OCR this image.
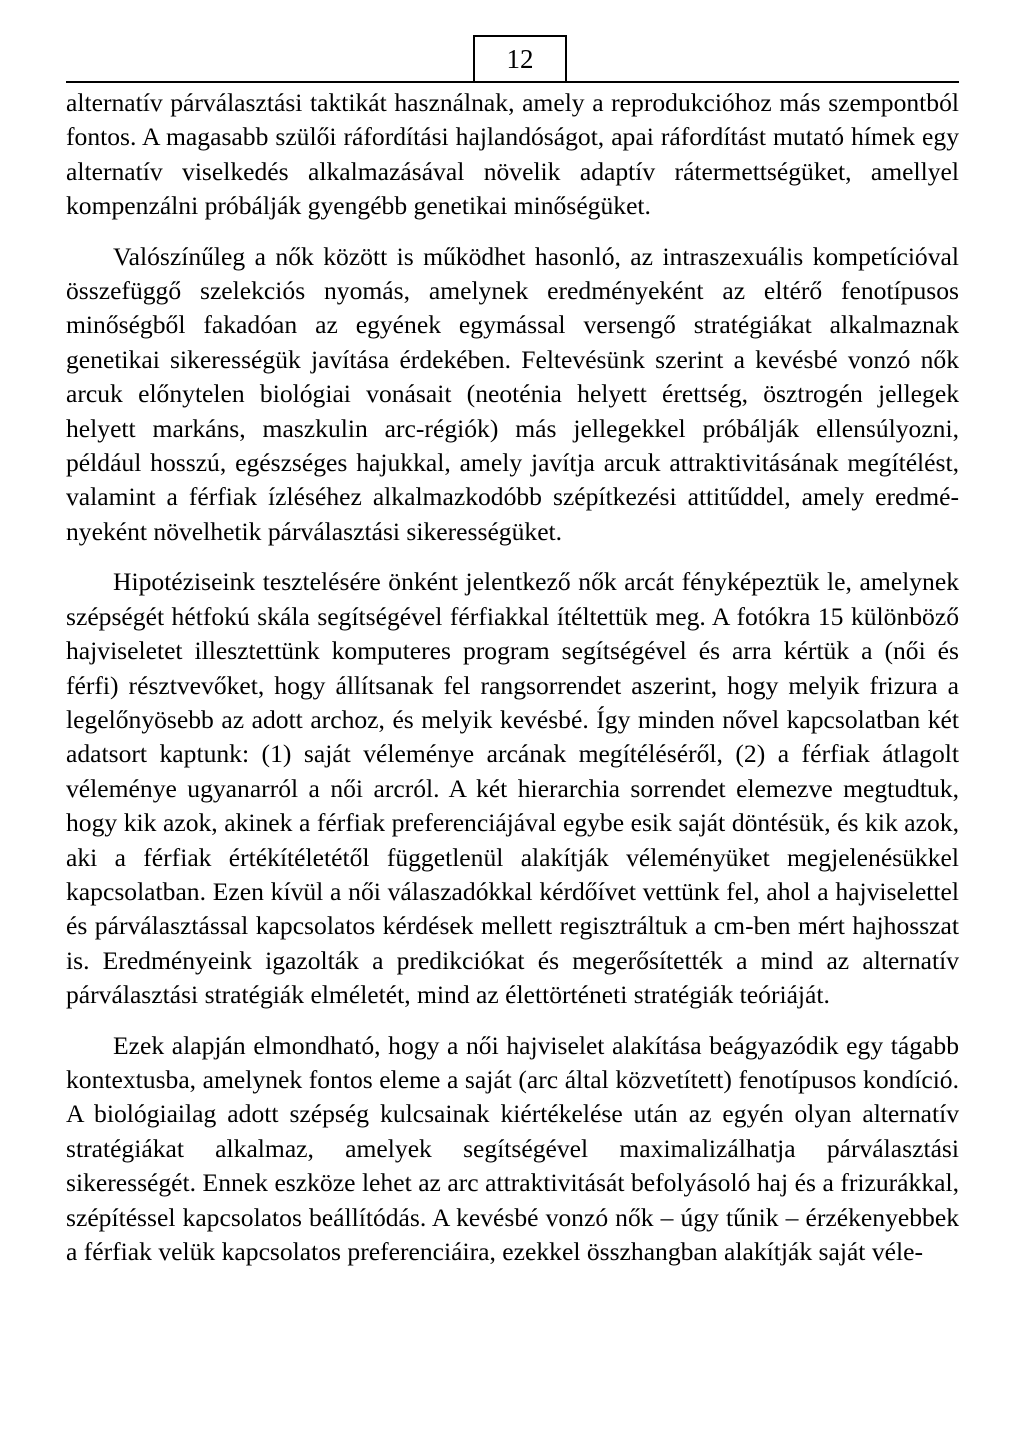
12

alternatív párválasztási taktikát használnak, amely a reprodukcióhoz más szempontból fontos. A magasabb szülői ráfordítási hajlandóságot, apai ráfordítást mutató hímek egy alternatív viselkedés alkalmazásával növelik adaptív rátermettségüket, amellyel kompenzálni próbálják gyengébb genetikai minőségüket.

Valószínűleg a nők között is működhet hasonló, az intraszexuális kompetícióval összefüggő szelekciós nyomás, amelynek eredményeként az eltérő fenotípusos minőségből fakadóan az egyének egymással versengő stratégiákat alkalmaznak genetikai sikerességük javítása érdekében. Feltevésünk szerint a kevésbé vonzó nők arcuk előnytelen biológiai vonásait (neoténia helyett érettség, ösztrogén jellegek helyett markáns, maszkulin arc-régiók) más jellegekkel próbálják ellensúlyozni, például hosszú, egészséges hajukkal, amely javítja arcuk attraktivitásának megítélést, valamint a férfiak ízléséhez alkalmazkodóbb szépítkezési attitűddel, amely eredményeként növelhetik párválasztási sikerességüket.

Hipotéziseink tesztelésére önként jelentkező nők arcát fényképeztük le, amelynek szépségét hétfokú skála segítségével férfiakkal ítéltettük meg. A fotókra 15 különböző hajviseletet illesztettünk komputeres program segítségével és arra kértük a (női és férfi) résztvevőket, hogy állítsanak fel rangsorrendet aszerint, hogy melyik frizura a legelőnyösebb az adott archoz, és melyik kevésbé. Így minden nővel kapcsolatban két adatsort kaptunk: (1) saját véleménye arcának megítéléséről, (2) a férfiak átlagolt véleménye ugyanarról a női arcról. A két hierarchia sorrendet elemezve megtudtuk, hogy kik azok, akinek a férfiak preferenciájával egybe esik saját döntésük, és kik azok, aki a férfiak értékítéletétől függetlenül alakítják véleményüket megjelenésükkel kapcsolatban. Ezen kívül a női válaszadókkal kérdőívet vettünk fel, ahol a hajviselettel és párválasztással kapcsolatos kérdések mellett regisztráltuk a cm-ben mért hajhosszat is. Eredményeink igazolták a predikciókat és megerősítették a mind az alternatív párválasztási stratégiák elméletét, mind az élettörténeti stratégiák teóriáját.

Ezek alapján elmondható, hogy a női hajviselet alakítása beágyazódik egy tágabb kontextusba, amelynek fontos eleme a saját (arc által közvetített) fenotípusos kondíció. A biológiailag adott szépség kulcsainak kiértékelése után az egyén olyan alternatív stratégiákat alkalmaz, amelyek segítségével maximalizálhatja párválasztási sikerességét. Ennek eszköze lehet az arc attraktivitását befolyásoló haj és a frizurákkal, szépítéssel kapcsolatos beállítódás. A kevésbé vonzó nők – úgy tűnik – érzékenyebbek a férfiak velük kapcsolatos preferenciáira, ezekkel összhangban alakítják saját véle-
